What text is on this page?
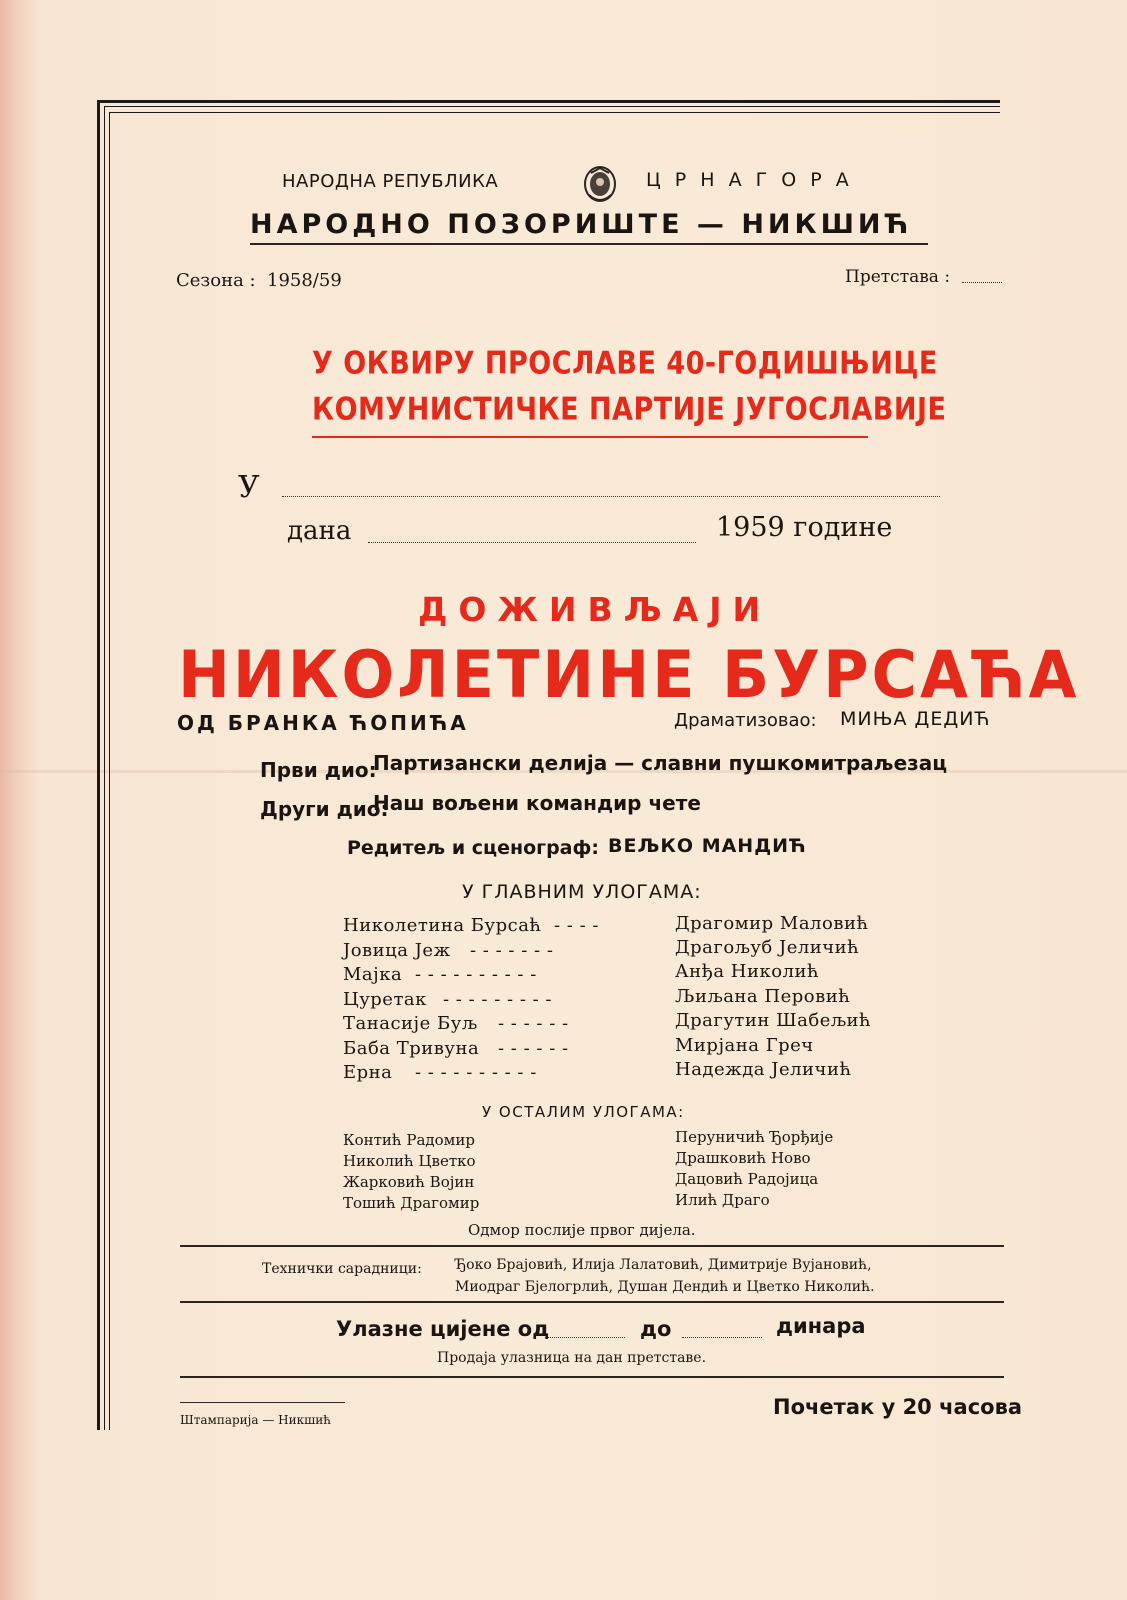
НАРОДНА РЕПУБЛИКА	Ц Р Н А Г О Р А
НАРОДНО ПОЗОРИШТЕ — НИКШИЋ
Сезона : 1958/59	Претстава :
У ОКВИРУ ПРОСЛАВЕ 40-ГОДИШЊИЦЕ
КОМУНИСТИЧКЕ ПАРТИЈЕ ЈУГОСЛАВИЈЕ
У
дана	1959 године
ДОЖИВЉАЈИ
НИКОЛЕТИНЕ БУРСАЋА
ОД БРАНКА ЋОПИЋА	Драматизовао: МИЊА ДЕДИЋ
Први дио:
Партизански делија — славни пушкомитраљезац
Други дио:
Наш вољени командир чете
Редитељ и сценограф: ВЕЉКО МАНДИЋ
У ГЛАВНИМ УЛОГАМА:
Николетина Бурсаћ - - - -	Драгомир Маловић
Јовица Јеж - - - - - - -	Драгољуб Јеличић
Мајка - - - - - - - - - -	Анђа Николић
Цуретак - - - - - - - - -	Љиљана Перовић
Танасије Буљ - - - - - -	Драгутин Шабељић
Баба Тривуна - - - - - -	Мирјана Греч
Ерна - - - - - - - - - -	Надежда Јеличић
У ОСТАЛИМ УЛОГАМА:
Контић Радомир
Николић Цветко
Жарковић Војин
Тошић Драгомир
Перуничић Ђорђије
Драшковић Ново
Дацовић Радојица
Илић Драго
Одмор послије првог дијела.
Технички сарадници: Ђоко Брајовић, Илија Лалатовић, Димитрије Вујановић,
Миодраг Бјелогрлић, Душан Дендић и Цветко Николић.
Улазне цијене од	до	динара
Продаја улазница на дан претставе.
Штампарија — Никшић
Почетак у 20 часова
